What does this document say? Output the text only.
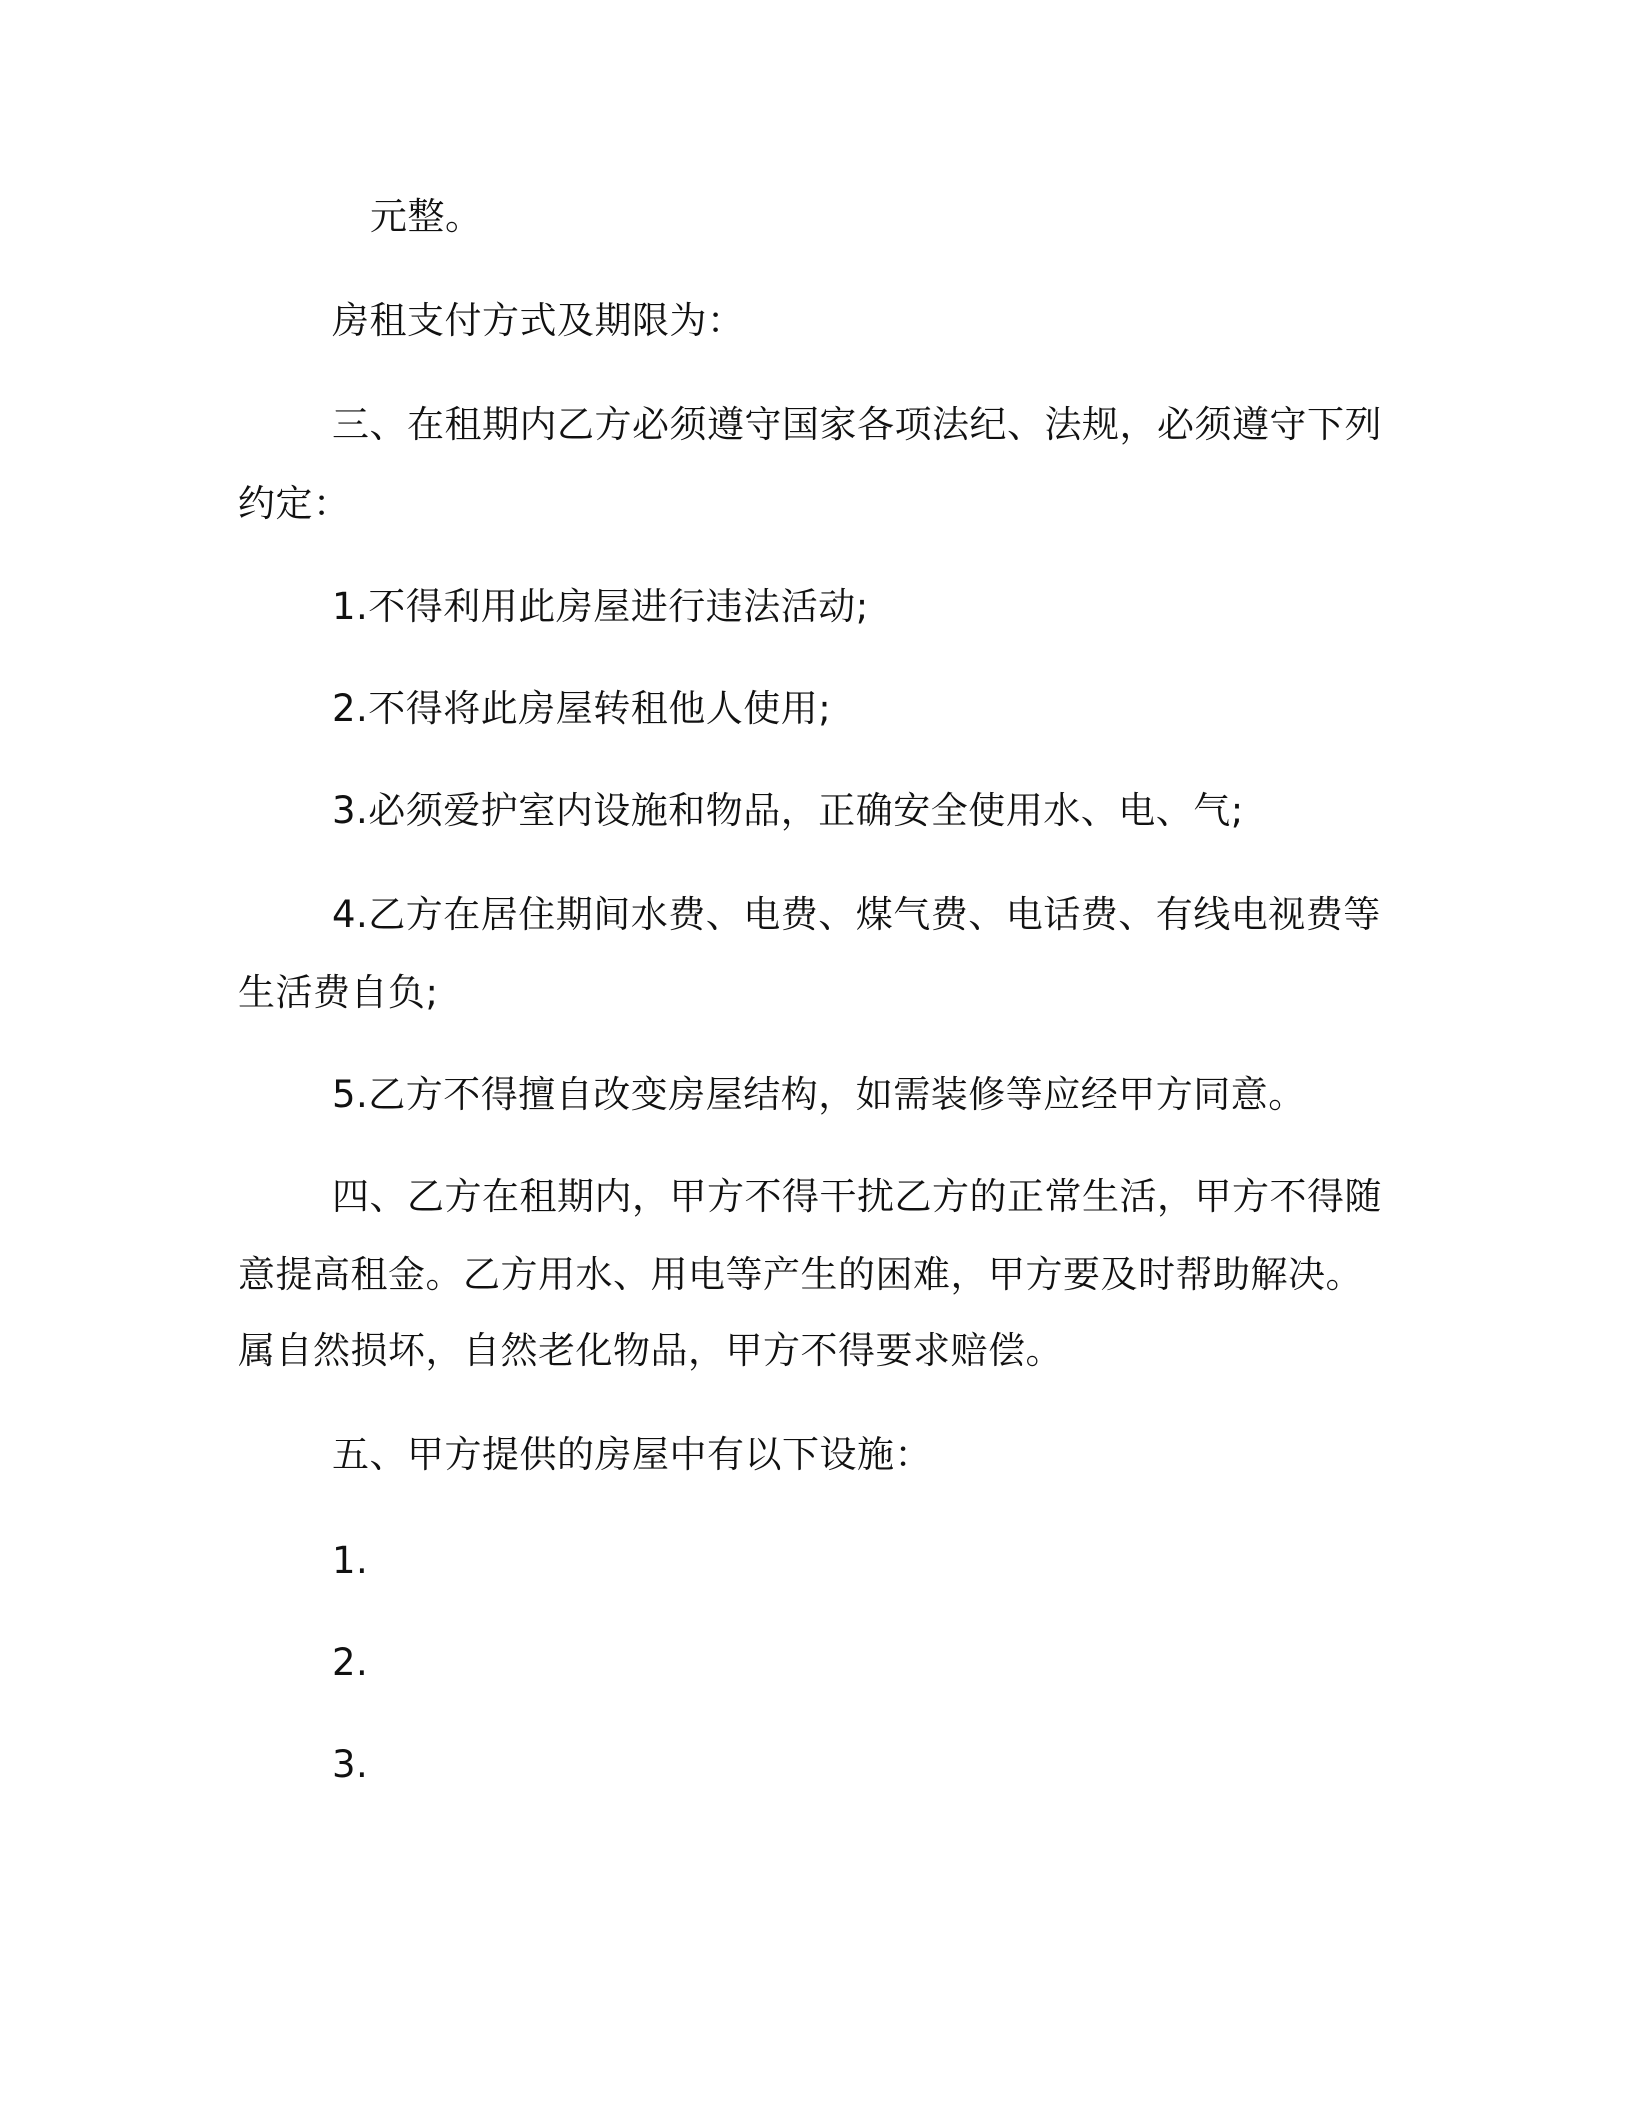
元整。
房租支付方式及期限为：
三、在租期内乙方必须遵守国家各项法纪、法规，必须遵守下列
约定：
1.不得利用此房屋进行违法活动;
2.不得将此房屋转租他人使用;
3.必须爱护室内设施和物品，正确安全使用水、电、气;
4.乙方在居住期间水费、电费、煤气费、电话费、有线电视费等
生活费自负;
5.乙方不得擅自改变房屋结构，如需装修等应经甲方同意。
四、乙方在租期内，甲方不得干扰乙方的正常生活，甲方不得随
意提高租金。乙方用水、用电等产生的困难，甲方要及时帮助解决。
属自然损坏，自然老化物品，甲方不得要求赔偿。
五、甲方提供的房屋中有以下设施：
1.
2.
3.
